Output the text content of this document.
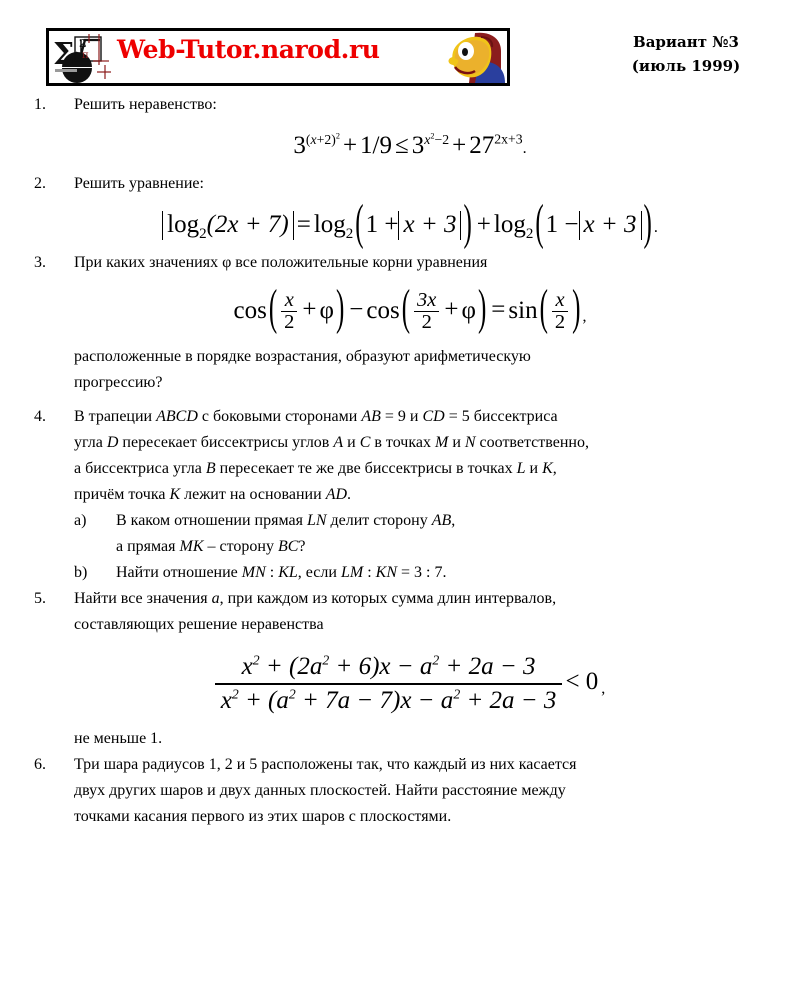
Σ 2
π Web-Tutor.narod.ru	Вариант №3
(июль 1999)
1.	Решить неравенство:
$3^{(x+2)^2} + 1/9 \le 3^{x^2-2} + 27^{2x+3}$.
2.	Решить уравнение:
$\log_2(2x + 7) = \log_2(1 + x + 3$ ) + $\log_2(1 - x + 3$ ) .
3.	При каких значениях φ все положительные корни уравнения
$\cos( \frac{x}{2} + \varphi) - \cos( \frac{3x}{2} + \varphi) = \sin( \frac{x}{2}$ ) ,
расположенные в порядке возрастания, образуют арифметическую
прогрессию?
4.	В трапеции ABCD с боковыми сторонами AB = 9 и CD = 5 биссектриса
угла D пересекает биссектрисы углов A и C в точках M и N соответственно,
а биссектриса угла B пересекает те же две биссектрисы в точках L и K,
причём точка K лежит на основании AD.
a)	В каком отношении прямая LN делит сторону AB,
а прямая MK – сторону BC?
b)	Найти отношение MN : KL, если LM : KN = 3 : 7.
5.	Найти все значения a, при каждом из которых сумма длин интервалов,
составляющих решение неравенства
$\frac{x^2 + (2a^2 + 6)x - a^2 + 2a - 3}{x^2 + (a^2 + 7a - 7)x - a^2 + 2a - 3} < 0$ ,
не меньше 1.
6.	Три шара радиусов 1, 2 и 5 расположены так, что каждый из них касается
двух других шаров и двух данных плоскостей. Найти расстояние между
точками касания первого из этих шаров с плоскостями.
